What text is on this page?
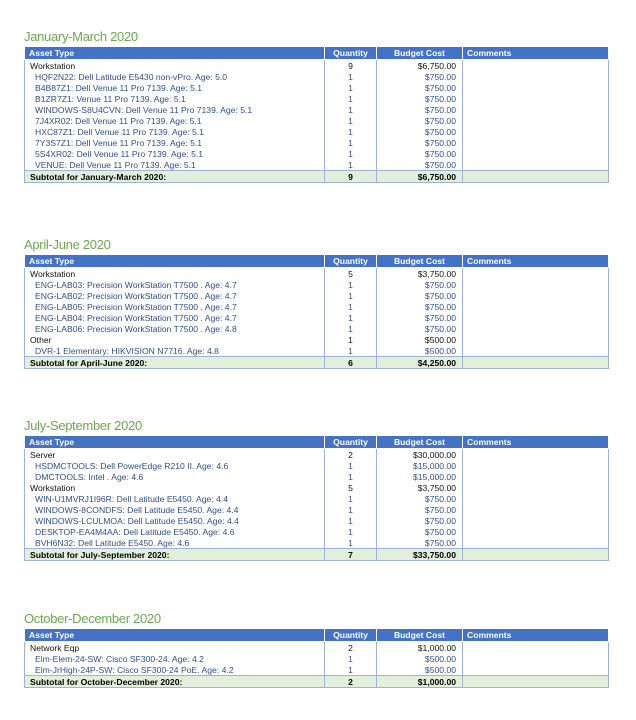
January-March 2020
Asset Type	Quantity	Budget Cost	Comments
Workstation	9	$6,750.00	
HQF2N22: Dell Latitude E5430 non-vPro. Age: 5.0	1	$750.00	
B4B87Z1: Dell Venue 11 Pro 7139. Age: 5.1	1	$750.00	
B1ZR7Z1: Venue 11 Pro 7139. Age: 5.1	1	$750.00	
WINDOWS-S8U4CVN: Dell Venue 11 Pro 7139. Age: 5.1	1	$750.00	
7J4XR02: Dell Venue 11 Pro 7139. Age: 5.1	1	$750.00	
HXC87Z1: Dell Venue 11 Pro 7139. Age: 5.1	1	$750.00	
7Y3S7Z1: Dell Venue 11 Pro 7139. Age: 5.1	1	$750.00	
5S4XR02: Dell Venue 11 Pro 7139. Age: 5.1	1	$750.00	
VENUE: Dell Venue 11 Pro 7139. Age: 5.1	1	$750.00	
Subtotal for January-March 2020:	9	$6,750.00	
April-June 2020
Asset Type	Quantity	Budget Cost	Comments
Workstation	5	$3,750.00	
ENG-LAB03: Precision WorkStation T7500 . Age: 4.7	1	$750.00	
ENG-LAB02: Precision WorkStation T7500 . Age: 4.7	1	$750.00	
ENG-LAB05: Precision WorkStation T7500 . Age: 4.7	1	$750.00	
ENG-LAB04: Precision WorkStation T7500 . Age: 4.7	1	$750.00	
ENG-LAB06: Precision WorkStation T7500 . Age: 4.8	1	$750.00	
Other	1	$500.00	
DVR-1 Elementary: HIKVISION N7716. Age: 4.8	1	$500.00	
Subtotal for April-June 2020:	6	$4,250.00	
July-September 2020
Asset Type	Quantity	Budget Cost	Comments
Server	2	$30,000.00	
HSDMCTOOLS: Dell PowerEdge R210 II. Age: 4.6	1	$15,000.00	
DMCTOOLS: Intel . Age: 4.6	1	$15,000.00	
Workstation	5	$3,750.00	
WIN-U1MVRJ1I96R: Dell Latitude E5450. Age: 4.4	1	$750.00	
WINDOWS-8CONDFS: Dell Latitude E5450. Age: 4.4	1	$750.00	
WINDOWS-LCULMOA: Dell Latitude E5450. Age: 4.4	1	$750.00	
DESKTOP-EA4M4AA: Dell Latitude E5450. Age: 4.6	1	$750.00	
BVH6N32: Dell Latitude E5450. Age: 4.6	1	$750.00	
Subtotal for July-September 2020:	7	$33,750.00	
October-December 2020
Asset Type	Quantity	Budget Cost	Comments
Network Eqp	2	$1,000.00	
Elm-Elem-24-SW: Cisco SF300-24. Age: 4.2	1	$500.00	
Elm-JrHigh-24P-SW: Cisco SF300-24 PoE. Age: 4.2	1	$500.00	
Subtotal for October-December 2020:	2	$1,000.00	
